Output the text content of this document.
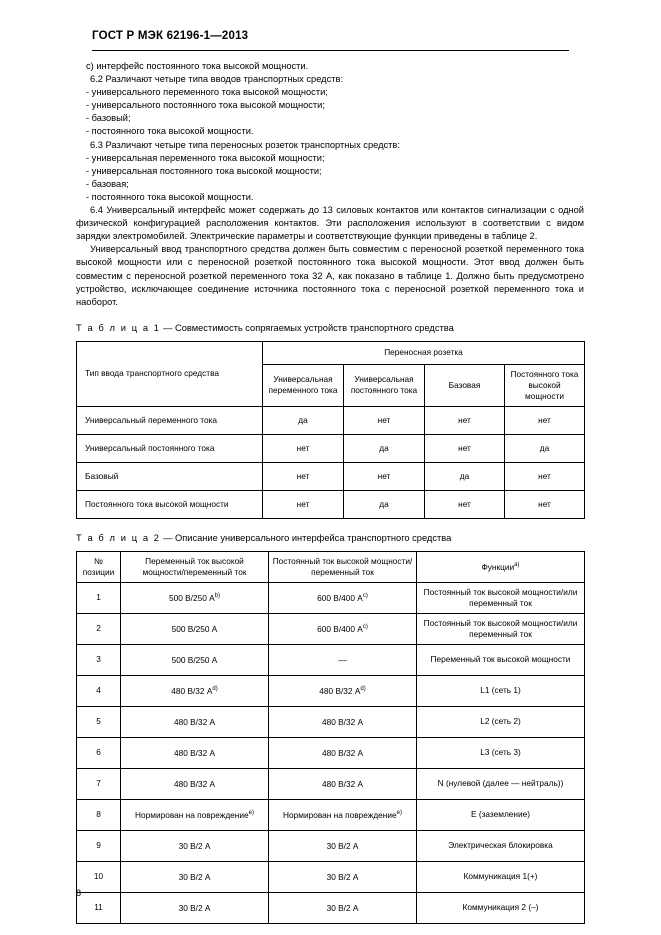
ГОСТ Р МЭК 62196-1—2013

c) интерфейс постоянного тока высокой мощности.

6.2 Различают четыре типа вводов транспортных средств:

- универсального переменного тока высокой мощности;

- универсального постоянного тока высокой мощности;

- базовый;

- постоянного тока высокой мощности.

6.3 Различают четыре типа переносных розеток транспортных средств:

- универсальная переменного тока высокой мощности;

- универсальная постоянного тока высокой мощности;

- базовая;

- постоянного тока высокой мощности.

6.4 Универсальный интерфейс может содержать до 13 силовых контактов или контактов сигнализации с одной физической конфигурацией расположения контактов. Эти расположения используют в соответствии с видом зарядки электромобилей. Электрические параметры и соответствующие функции приведены в таблице 2.

Универсальный ввод транспортного средства должен быть совместим с переносной розеткой переменного тока высокой мощности или с переносной розеткой постоянного тока высокой мощности. Этот ввод должен быть совместим с переносной розеткой переменного тока 32 А, как показано в таблице 1. Должно быть предусмотрено устройство, исключающее соединение источника постоянного тока с переносной розеткой переменного тока и наоборот.

Т а б л и ц а 1 — Совместимость сопрягаемых устройств транспортного средства

Тип ввода транспортного средства	Переносная розетка			
	Универсальная переменного тока	Универсальная постоянного тока	Базовая	Постоянного тока высокой мощности
Универсальный переменного тока	да	нет	нет	нет
Универсальный постоянного тока	нет	да	нет	да
Базовый	нет	нет	да	нет
Постоянного тока высокой мощности	нет	да	нет	нет

Т а б л и ц а 2 — Описание универсального интерфейса транспортного средства

№ позиции	Переменный ток высокой мощности/переменный ток	Постоянный ток высокой мощности/переменный ток	Функции$^{a)}$
1	500 В/250 $А^{b)}$	600 В/400 $А^{c)}$	Постоянный ток высокой мощности/или переменный ток
2	500 В/250 А	600 В/400 $А^{c)}$	Постоянный ток высокой мощности/или переменный ток
3	500 В/250 А	—	Переменный ток высокой мощности
4	480 В/32 $А^{d)}$	480 В/32 $А^{d)}$	L1 (сеть 1)
5	480 В/32 А	480 В/32 А	L2 (сеть 2)
6	480 В/32 А	480 В/32 А	L3 (сеть 3)
7	480 В/32 А	480 В/32 А	N (нулевой (далее — нейтраль))
8	Нормирован на повреждение$^{e)}$	Нормирован на повреждение$^{e)}$	E (заземление)
9	30 В/2 А	30 В/2 А	Электрическая блокировка
10	30 В/2 А	30 В/2 А	Коммуникация 1(+)
11	30 В/2 А	30 В/2 А	Коммуникация 2 (–)
8
